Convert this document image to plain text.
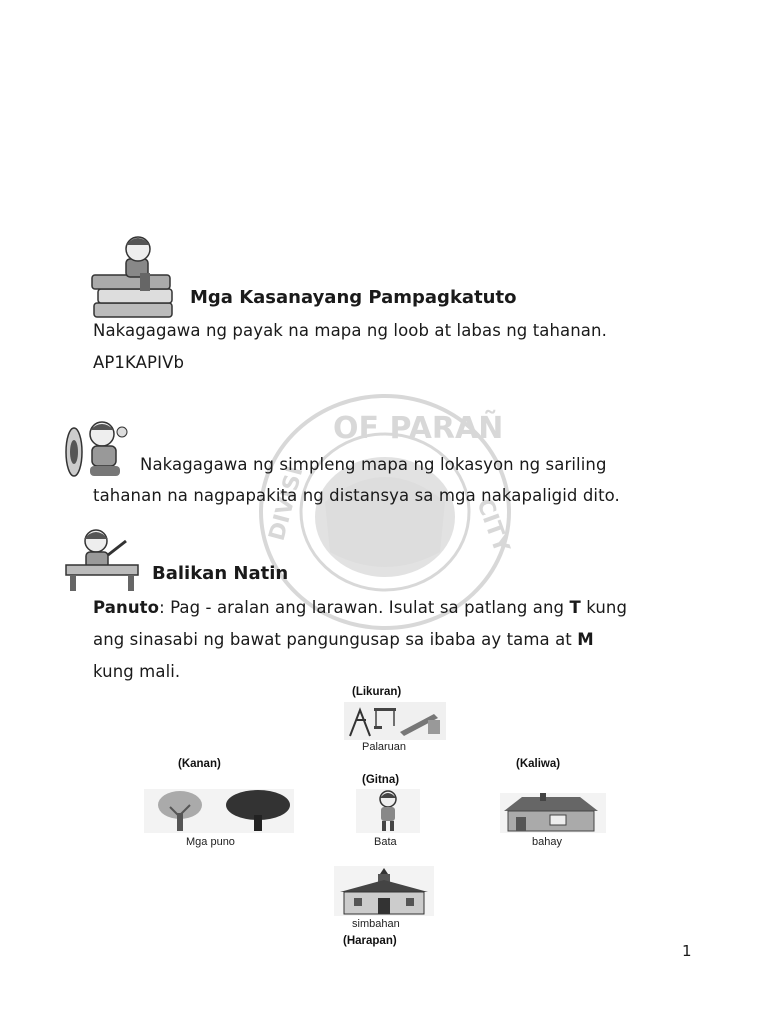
OF PARAÑ
DIVISI	CITY
Mga Kasanayang Pampagkatuto
Nakagagawa ng payak na mapa ng loob at labas ng tahanan.
AP1KAPIVb
Nakagagawa ng simpleng mapa ng lokasyon ng sariling
tahanan na nagpapakita ng distansya sa mga nakapaligid dito.
Balikan Natin
Panuto: Pag - aralan ang larawan. Isulat sa patlang ang T kung
ang sinasabi ng bawat pangungusap sa ibaba ay tama at M
kung mali.
(Likuran)
Palaruan
(Kanan)	(Kaliwa)
(Gitna)
Mga puno	Bata	bahay
simbahan
(Harapan)
1
